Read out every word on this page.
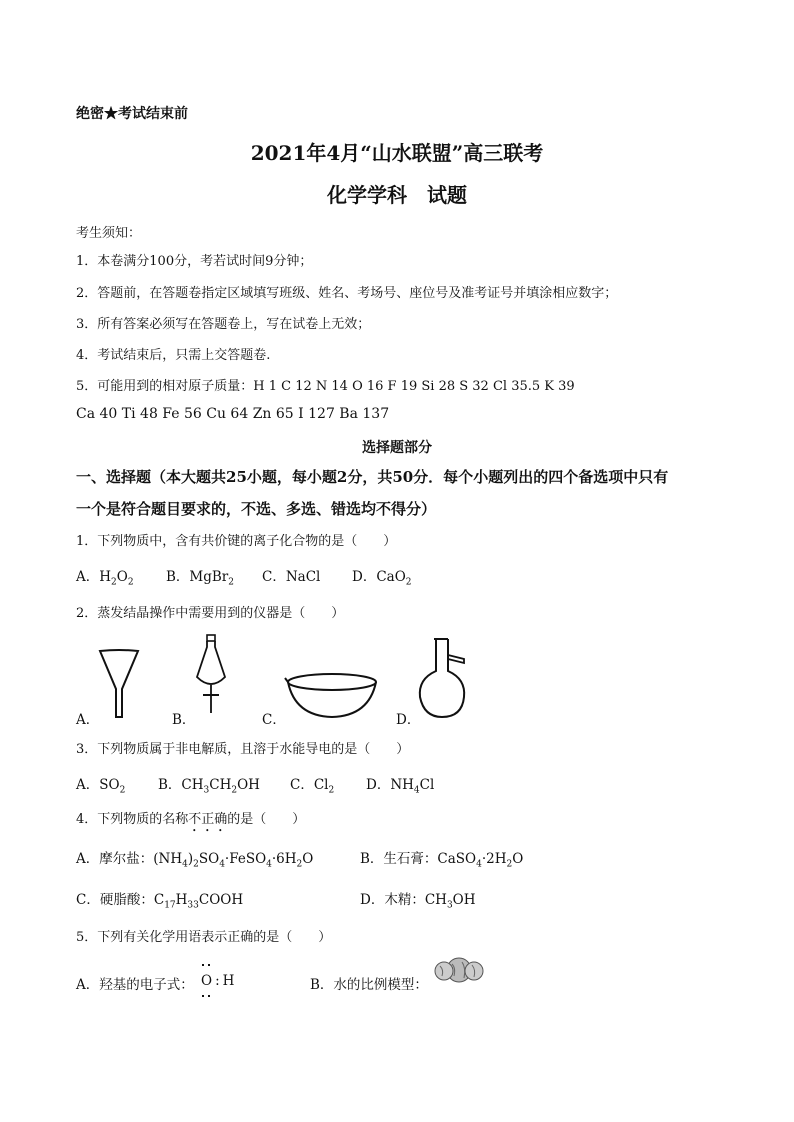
绝密★考试结束前
2021年4月“山水联盟”高三联考
化学学科　试题
考生须知：
1．本卷满分100分，考若试时间9分钟；
2．答题前，在答题卷指定区域填写班级、姓名、考场号、座位号及准考证号并填涂相应数字；
3．所有答案必须写在答题卷上，写在试卷上无效；
4．考试结束后，只需上交答题卷.
5．可能用到的相对原子质量：H 1 C 12 N 14 O 16 F 19 Si 28 S 32 Cl 35.5 K 39
Ca 40 Ti 48 Fe 56 Cu 64 Zn 65 I 127 Ba 137
选择题部分
一、选择题（本大题共25小题，每小题2分，共50分．每个小题列出的四个备选项中只有
一个是符合题目要求的，不选、多选、错选均不得分）
1．下列物质中，含有共价键的离子化合物的是（　　）
A．$H_2O_2$ B．MgBr$_2$ C．NaCl D．CaO$_2$
2．蒸发结晶操作中需要用到的仪器是（　　）
A．	B．	C．	D．
3．下列物质属于非电解质，且溶于水能导电的是（　　）
A．$SO_2$ B．$CH_3CH_2OH$ C．$Cl_2$ D．$NH_4Cl$
4．下列物质的名称不正确的是（　　）
A．摩尔盐：$(NH_4)_2SO_4\cdot FeSO_4\cdot 6H_2O$	B．生石膏：$CaSO_4\cdot 2H_2O$
C．硬脂酸：$C_{17}H_{33}COOH$	D．木精：$CH_3OH$
5．下列有关化学用语表示正确的是（　　）
A．羟基的电子式： O : H	B．水的比例模型：
